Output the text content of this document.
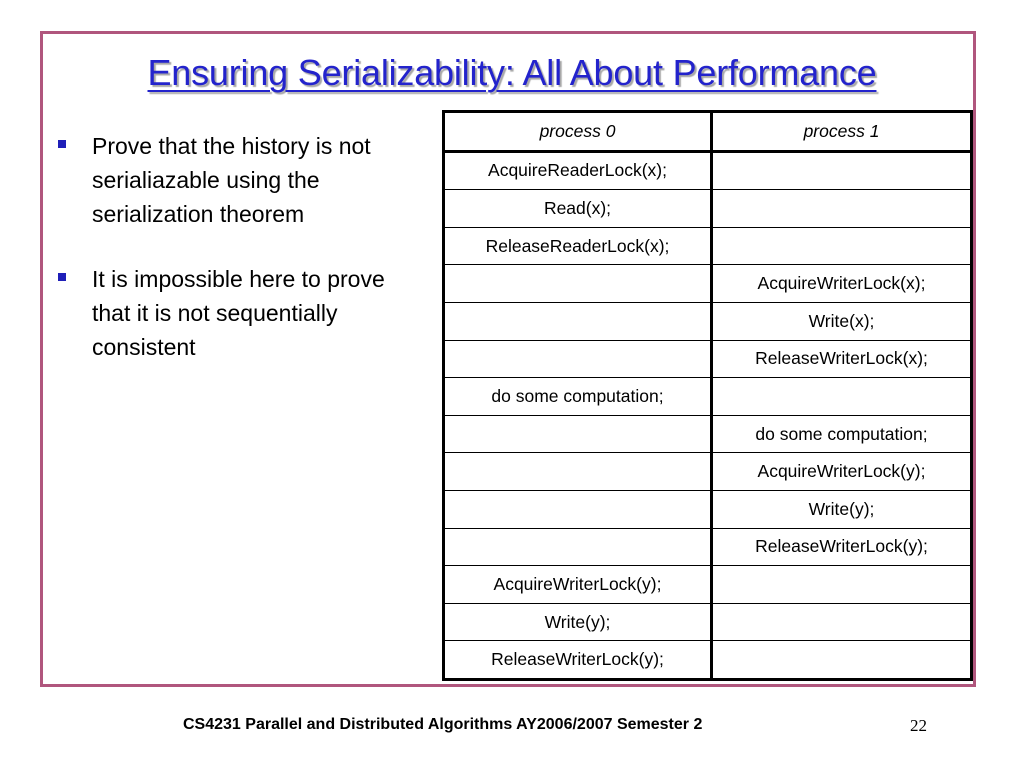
Ensuring Serializability: All About Performance
Prove that the history is not serialiazable using the serialization theorem
It is impossible here to prove that it is not sequentially consistent
process 0	process 1
AcquireReaderLock(x);	
Read(x);	
ReleaseReaderLock(x);	
	AcquireWriterLock(x);
	Write(x);
	ReleaseWriterLock(x);
do some computation;	
	do some computation;
	AcquireWriterLock(y);
	Write(y);
	ReleaseWriterLock(y);
AcquireWriterLock(y);	
Write(y);	
ReleaseWriterLock(y);	
CS4231 Parallel and Distributed Algorithms AY2006/2007 Semester 2	22
